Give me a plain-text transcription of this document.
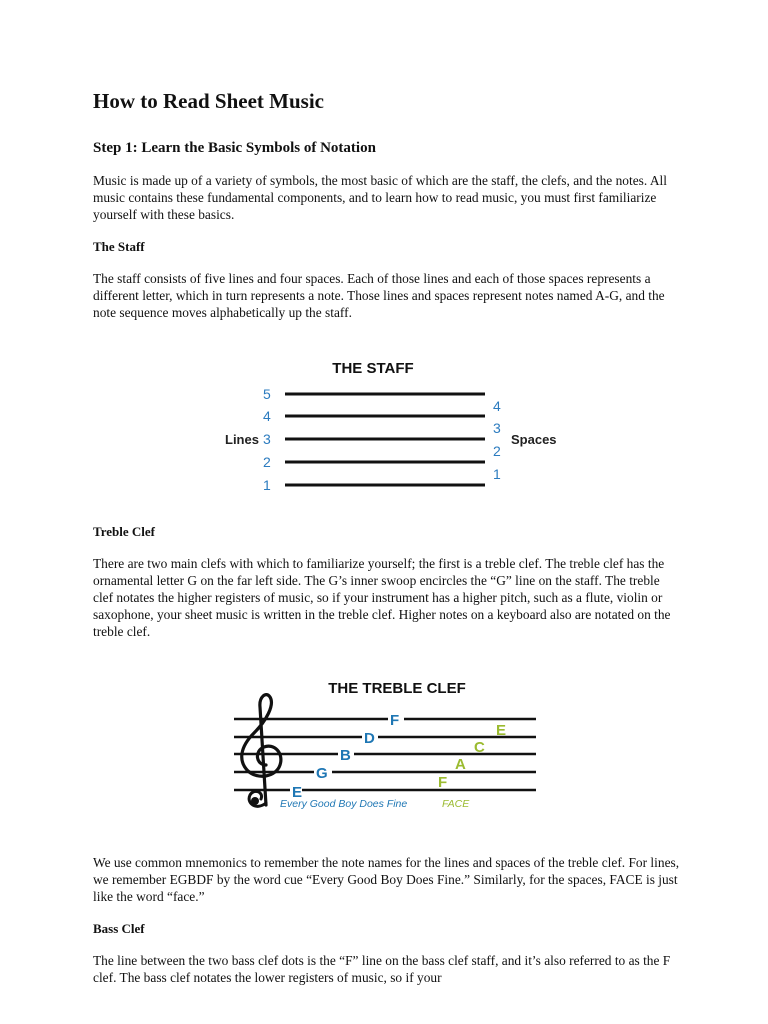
How to Read Sheet Music
Step 1: Learn the Basic Symbols of Notation

Music is made up of a variety of symbols, the most basic of which are the staff, the clefs, and the notes. All music contains these fundamental components, and to learn how to read music, you must first familiarize yourself with these basics.

The Staff

The staff consists of five lines and four spaces. Each of those lines and each of those spaces represents a different letter, which in turn represents a note. Those lines and spaces represent notes named A-G, and the note sequence moves alphabetically up the staff.

THE STAFF
5
4
3
2
1
4
3
2
1
Lines	Spaces
Treble Clef

There are two main clefs with which to familiarize yourself; the first is a treble clef. The treble clef has the ornamental letter G on the far left side. The G’s inner swoop encircles the “G” line on the staff. The treble clef notates the higher registers of music, so if your instrument has a higher pitch, such as a flute, violin or saxophone, your sheet music is written in the treble clef. Higher notes on a keyboard also are notated on the treble clef.

THE TREBLE CLEF
E
G
B
D
F
F
A
C
E
Every Good Boy Does Fine	FACE

We use common mnemonics to remember the note names for the lines and spaces of the treble clef. For lines, we remember EGBDF by the word cue “Every Good Boy Does Fine.” Similarly, for the spaces, FACE is just like the word “face.”

Bass Clef

The line between the two bass clef dots is the “F” line on the bass clef staff, and it’s also referred to as the F clef. The bass clef notates the lower registers of music, so if your
